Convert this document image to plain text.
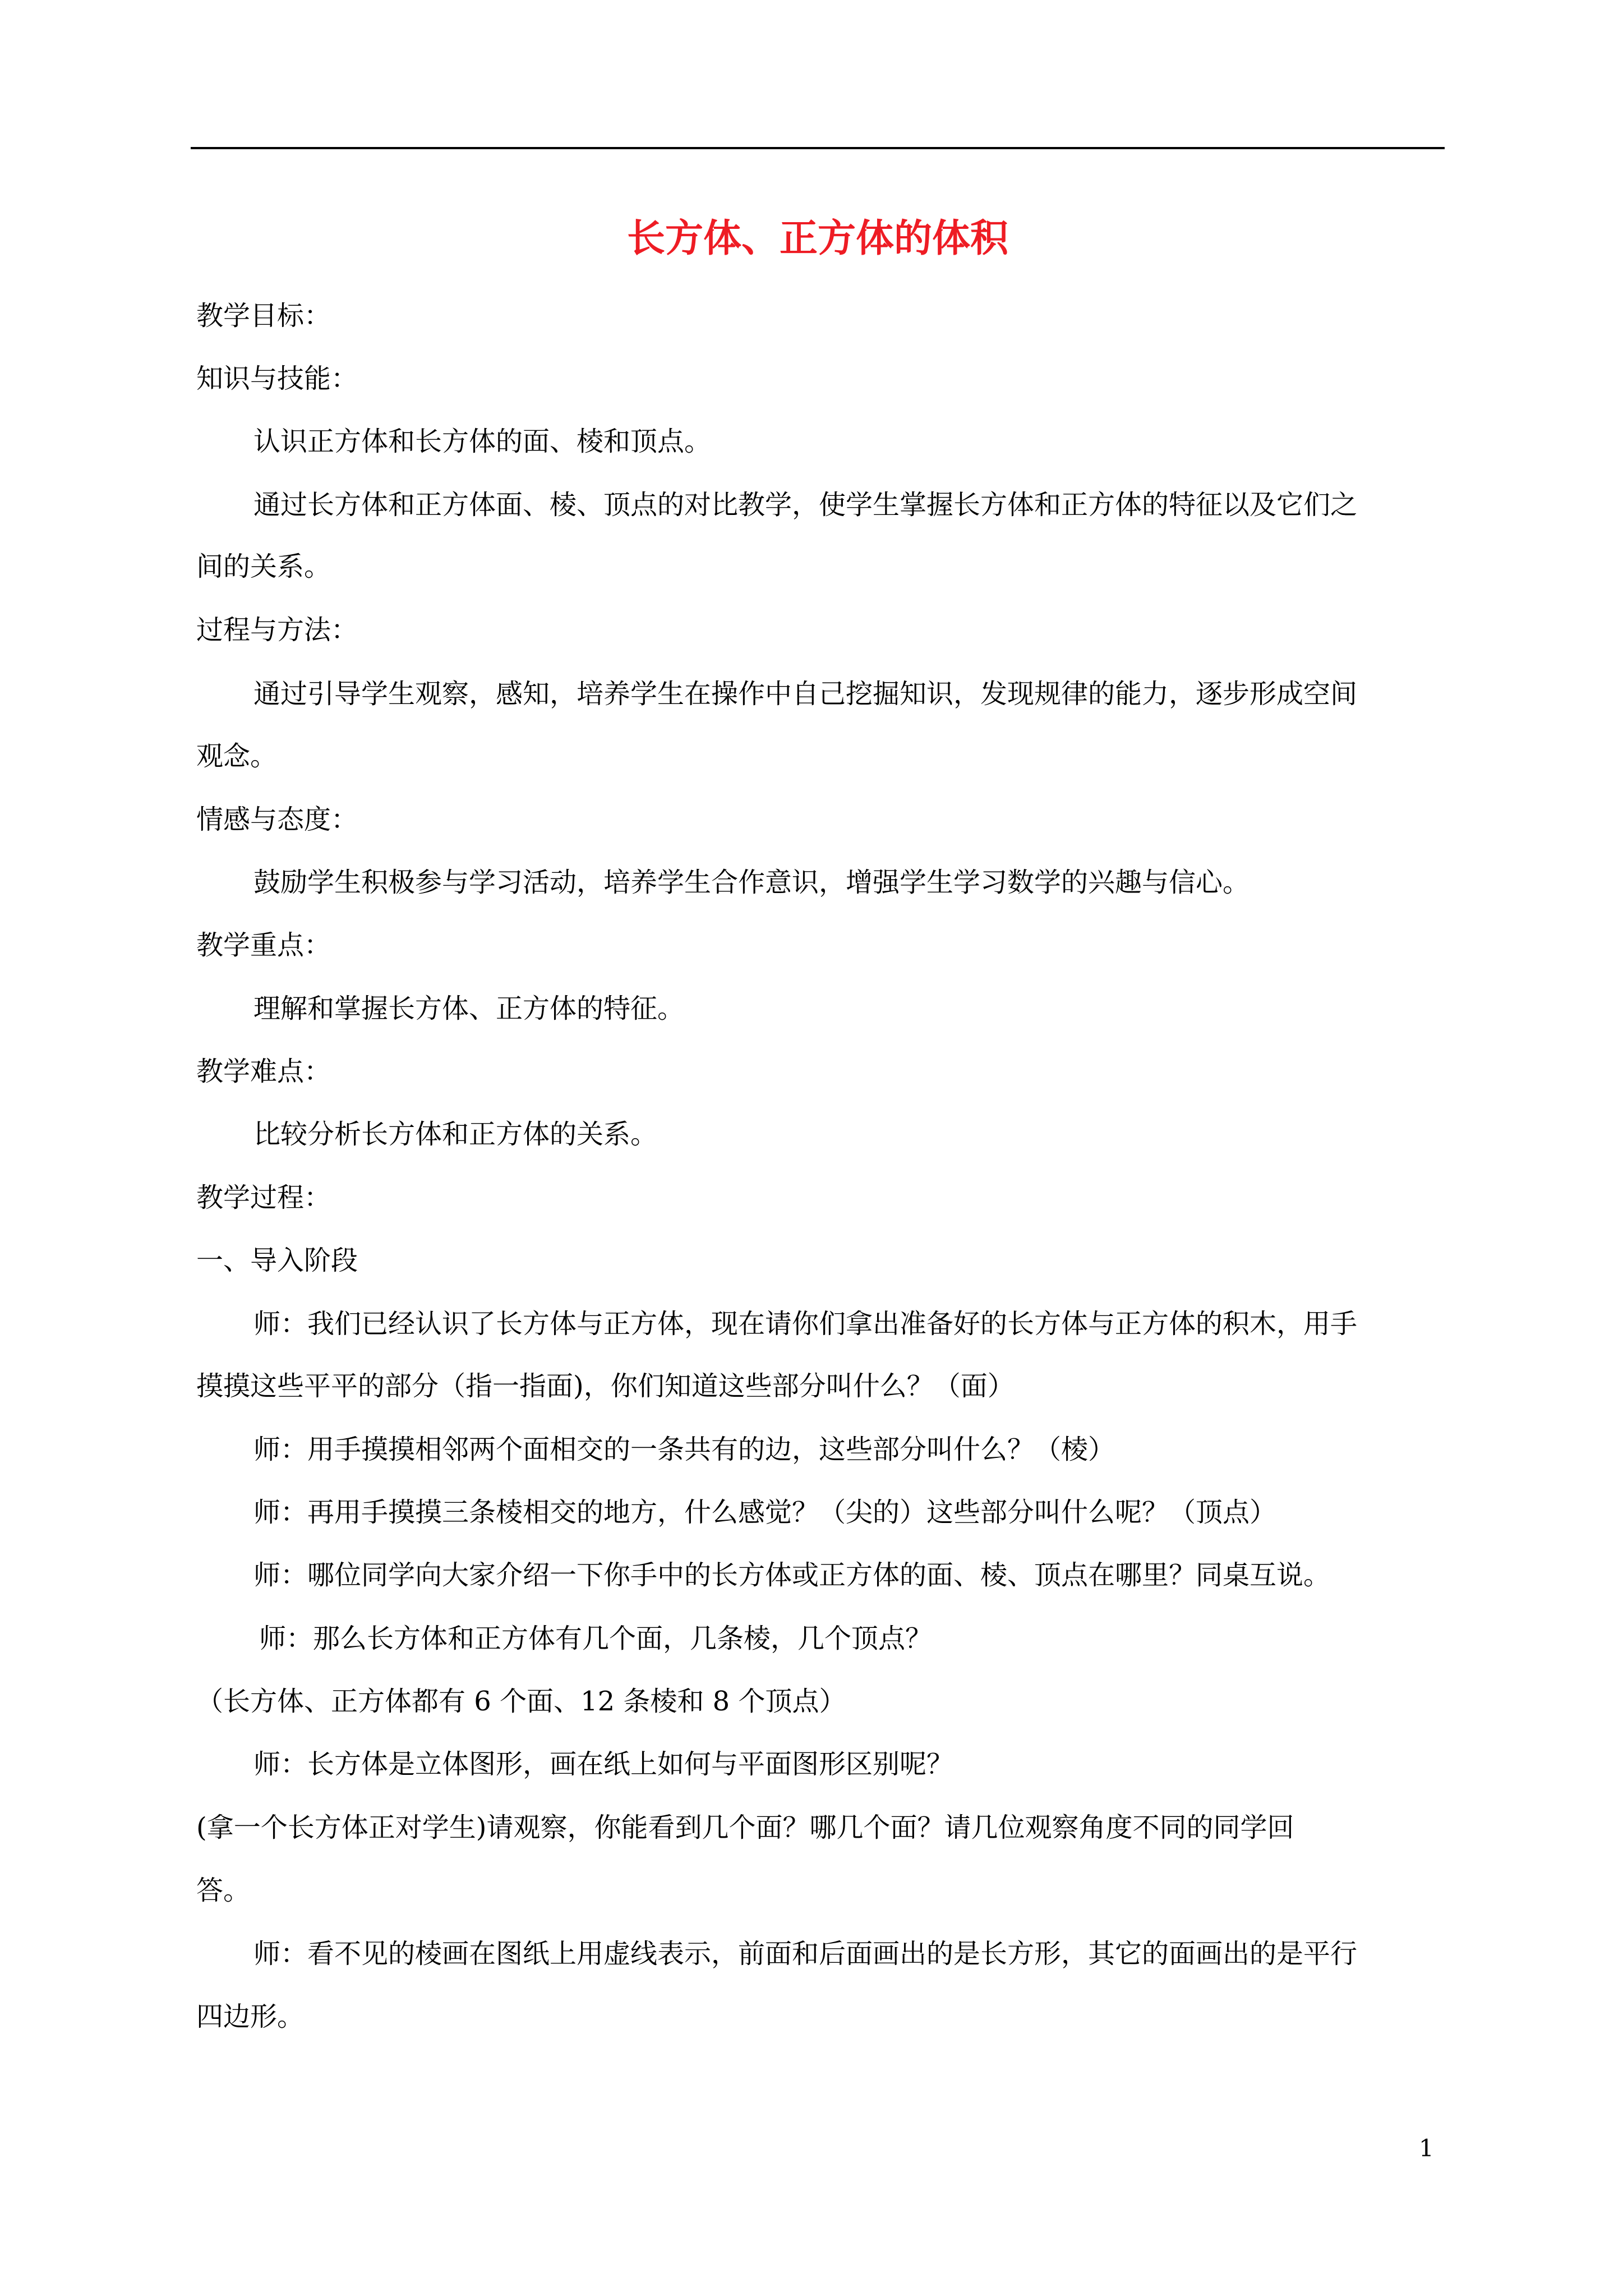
长方体、正方体的体积
教学目标：
知识与技能：
认识正方体和长方体的面、棱和顶点。
通过长方体和正方体面、棱、顶点的对比教学，使学生掌握长方体和正方体的特征以及它们之
间的关系。
过程与方法：
通过引导学生观察，感知，培养学生在操作中自己挖掘知识，发现规律的能力，逐步形成空间
观念。
情感与态度：
鼓励学生积极参与学习活动，培养学生合作意识，增强学生学习数学的兴趣与信心。
教学重点：
理解和掌握长方体、正方体的特征。
教学难点：
比较分析长方体和正方体的关系。
教学过程：
一、导入阶段
师：我们已经认识了长方体与正方体，现在请你们拿出准备好的长方体与正方体的积木，用手
摸摸这些平平的部分（指一指面)，你们知道这些部分叫什么？（面）
师：用手摸摸相邻两个面相交的一条共有的边，这些部分叫什么？（棱）
师：再用手摸摸三条棱相交的地方，什么感觉？（尖的）这些部分叫什么呢？（顶点）
师：哪位同学向大家介绍一下你手中的长方体或正方体的面、棱、顶点在哪里？同桌互说。
师：那么长方体和正方体有几个面，几条棱，几个顶点？
（长方体、正方体都有 6 个面、12 条棱和 8 个顶点）
师：长方体是立体图形，画在纸上如何与平面图形区别呢？
(拿一个长方体正对学生)请观察，你能看到几个面？哪几个面？请几位观察角度不同的同学回
答。
师：看不见的棱画在图纸上用虚线表示，前面和后面画出的是长方形，其它的面画出的是平行
四边形。
1
